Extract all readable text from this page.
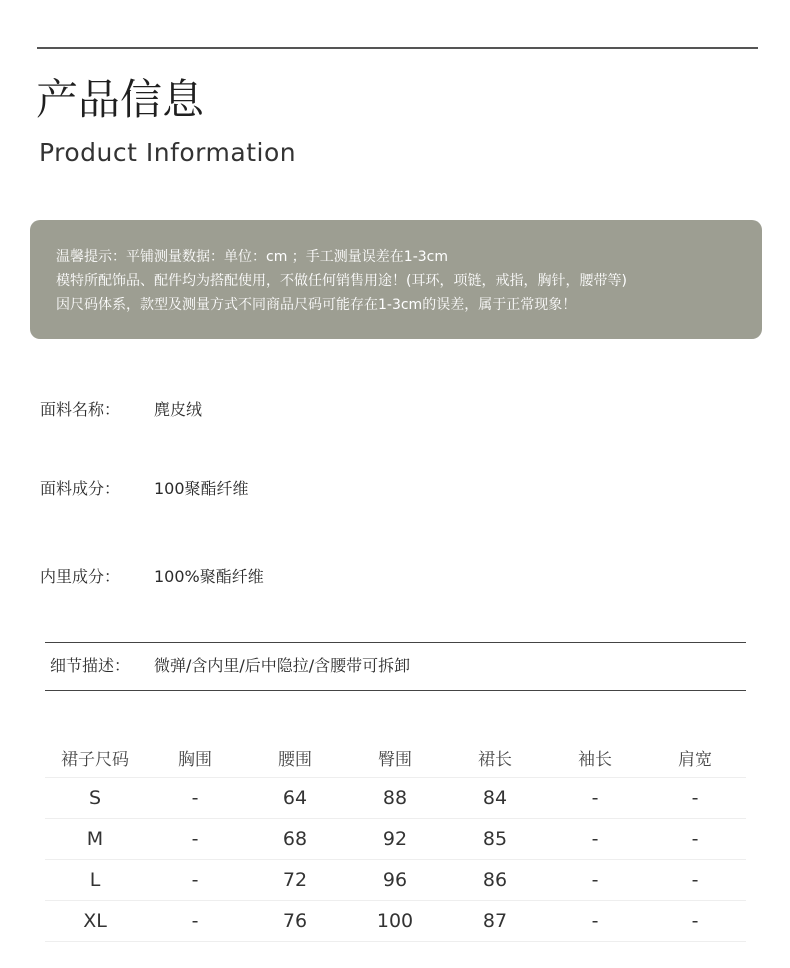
产品信息
Product Information
温馨提示：平铺测量数据：单位：cm ；手工测量误差在1-3cm
模特所配饰品、配件均为搭配使用，不做任何销售用途！(耳环，项链，戒指，胸针，腰带等)
因尺码体系，款型及测量方式不同商品尺码可能存在1-3cm的误差，属于正常现象！
面料名称： 麂皮绒
面料成分： 100聚酯纤维
内里成分： 100%聚酯纤维
细节描述： 微弹/含内里/后中隐拉/含腰带可拆卸
裙子尺码	胸围	腰围	臀围	裙长	袖长	肩宽
S	-	64	88	84	-	-
M	-	68	92	85	-	-
L	-	72	96	86	-	-
XL	-	76	100	87	-	-
